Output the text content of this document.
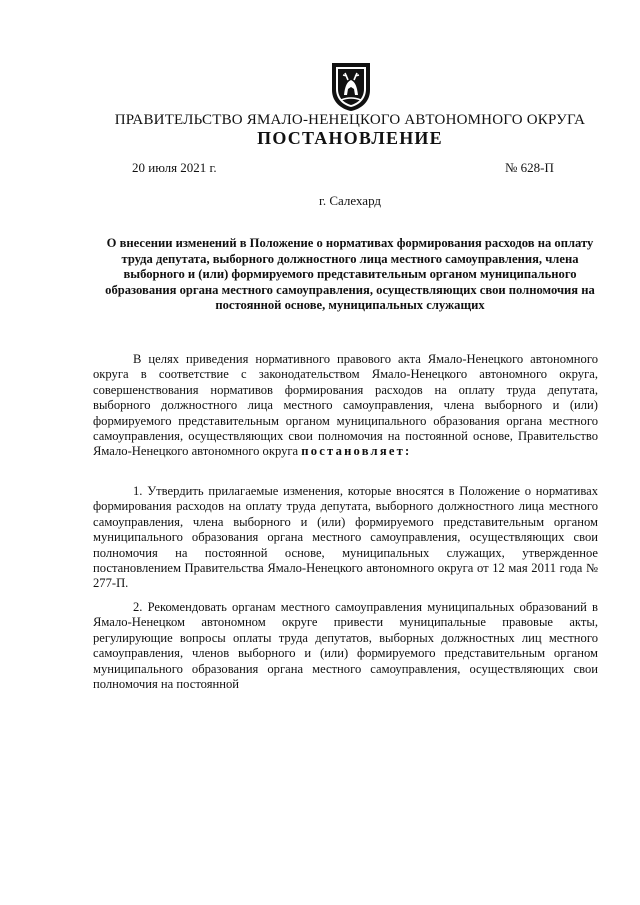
ПРАВИТЕЛЬСТВО ЯМАЛО-НЕНЕЦКОГО АВТОНОМНОГО ОКРУГА
ПОСТАНОВЛЕНИЕ
20 июля 2021 г.	№ 628-П
г. Салехард
О внесении изменений в Положение о нормативах формирования расходов на оплату труда депутата, выборного должностного лица местного самоуправления, члена выборного и (или) формируемого представительным органом муниципального образования органа местного самоуправления, осуществляющих свои полномочия на постоянной основе, муниципальных служащих

В целях приведения нормативного правового акта Ямало-Ненецкого автономного округа в соответствие с законодательством Ямало-Ненецкого автономного округа, совершенствования нормативов формирования расходов на оплату труда депутата, выборного должностного лица местного самоуправления, члена выборного и (или) формируемого представительным органом муниципального образования органа местного самоуправления, осуществляющих свои полномочия на постоянной основе, Правительство Ямало-Ненецкого автономного округа постановляет:

1. Утвердить прилагаемые изменения, которые вносятся в Положение о нормативах формирования расходов на оплату труда депутата, выборного должностного лица местного самоуправления, члена выборного и (или) формируемого представительным органом муниципального образования органа местного самоуправления, осуществляющих свои полномочия на постоянной основе, муниципальных служащих, утвержденное постановлением Правительства Ямало-Ненецкого автономного округа от 12 мая 2011 года № 277-П.

2. Рекомендовать органам местного самоуправления муниципальных образований в Ямало-Ненецком автономном округе привести муниципальные правовые акты, регулирующие вопросы оплаты труда депутатов, выборных должностных лиц местного самоуправления, членов выборного и (или) формируемого представительным органом муниципального образования органа местного самоуправления, осуществляющих свои полномочия на постоянной
